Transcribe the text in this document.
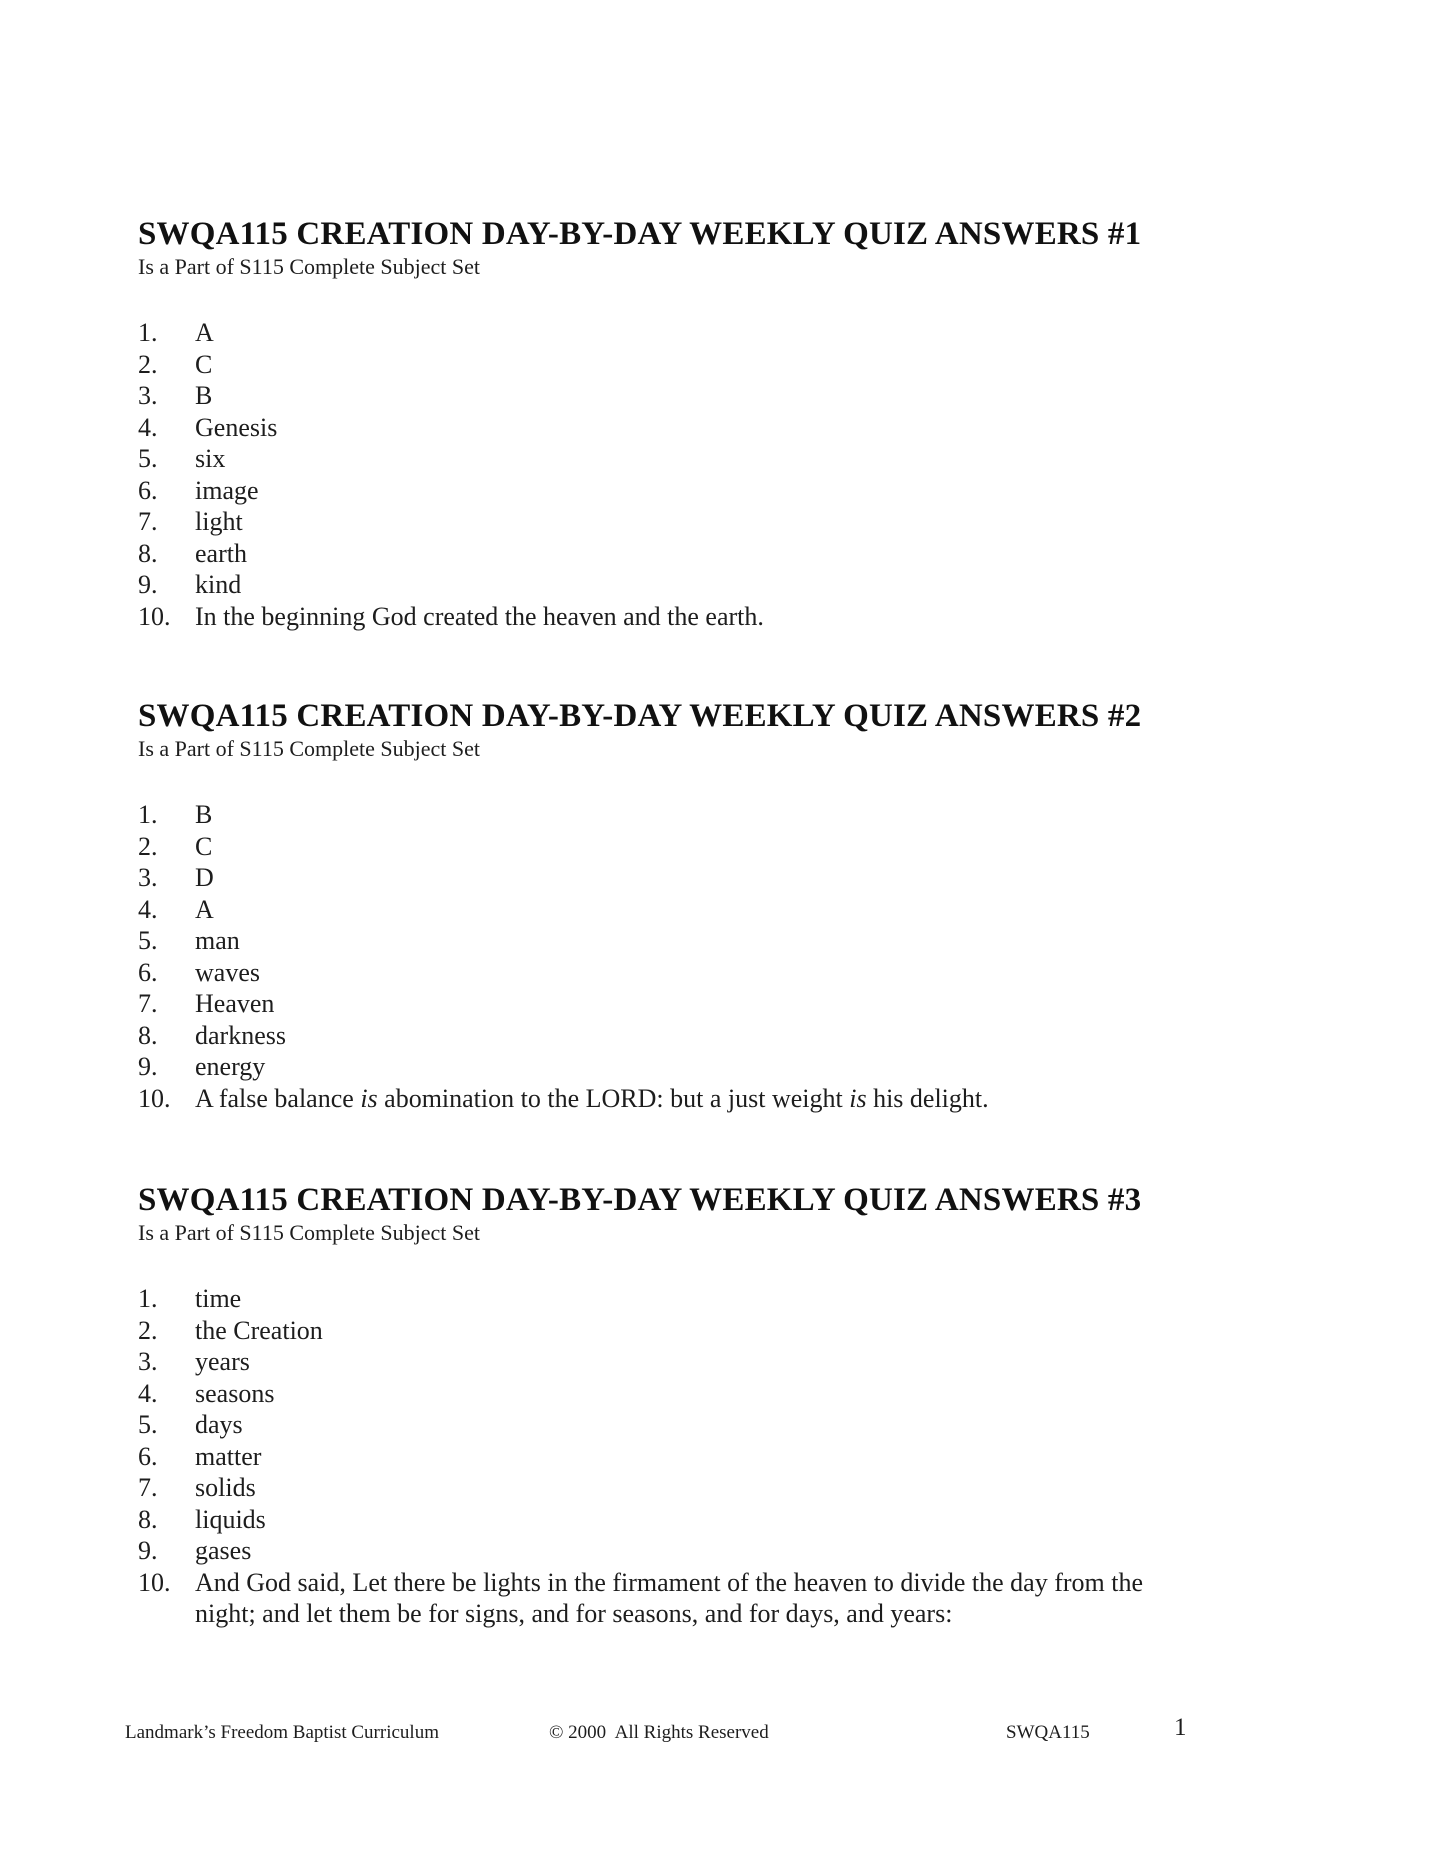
SWQA115 CREATION DAY-BY-DAY WEEKLY QUIZ ANSWERS #1
Is a Part of S115 Complete Subject Set
1.	A
2.	C
3.	B
4.	Genesis
5.	six
6.	image
7.	light
8.	earth
9.	kind
10. In the beginning God created the heaven and the earth.
SWQA115 CREATION DAY-BY-DAY WEEKLY QUIZ ANSWERS #2
Is a Part of S115 Complete Subject Set
1.	B
2.	C
3.	D
4.	A
5.	man
6.	waves
7.	Heaven
8.	darkness
9.	energy
10. A false balance is abomination to the LORD: but a just weight is his delight.
SWQA115 CREATION DAY-BY-DAY WEEKLY QUIZ ANSWERS #3
Is a Part of S115 Complete Subject Set
1.	time
2.	the Creation
3.	years
4.	seasons
5.	days
6.	matter
7.	solids
8.	liquids
9.	gases
10. And God said, Let there be lights in the firmament of the heaven to divide the day from the
night; and let them be for signs, and for seasons, and for days, and years:
Landmark’s Freedom Baptist Curriculum	© 2000  All Rights Reserved	SWQA115	1
